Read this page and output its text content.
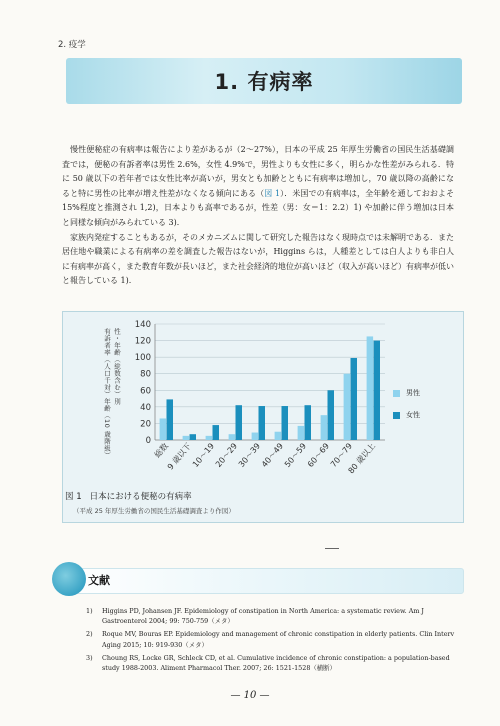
2. 疫学
1. 有病率

慢性便秘症の有病率は報告により差があるが（2～27%），日本の平成 25 年厚生労働省の国民生活基礎調査では，便秘の有訴者率は男性 2.6%，女性 4.9%で，男性よりも女性に多く，明らかな性差がみられる．特に 50 歳以下の若年者では女性比率が高いが，男女とも加齢とともに有病率は増加し，70 歳以降の高齢になると特に男性の比率が増え性差がなくなる傾向にある（図 1）．米国での有病率は，全年齢を通しておおよそ 15%程度と推測され 1,2)，日本よりも高率であるが，性差（男：女＝1：2.2）1) や加齢に伴う増加は日本と同様な傾向がみられている 3)．

家族内発症することもあるが，そのメカニズムに関して研究した報告はなく現時点では未解明である．また居住地や職業による有病率の差を調査した報告はないが，Higgins らは，人種差としては白人よりも非白人に有病率が高く，また教育年数が長いほど，また社会経済的地位が高いほど（収入が高いほど）有病率が低いと報告している 1).

有訴者率（人口千対）年齢（10 歳階級）
性・年齢（総数含む）別
0
20
40
60
80
100
120
140
総数
9 歳以下
10～19
20～29
30～39
40～49
50～59
60～69
70～79
80 歳以上
男性
女性
図 1 日本における便秘の有病率
（平成 25 年厚生労働省の国民生活基礎調査より作図）
文献
1)	Higgins PD, Johansen JF. Epidemiology of constipation in North America: a systematic review. Am J Gastroenterol 2004; 99: 750-759（メタ）
2)	Roque MV, Bouras EP. Epidemiology and management of chronic constipation in elderly patients. Clin Interv Aging 2015; 10: 919-930（メタ）
3)	Choung RS, Locke GR, Schleck CD, et al. Cumulative incidence of chronic constipation: a population-based study 1988-2003. Aliment Pharmacol Ther. 2007; 26: 1521-1528（横断）
— 10 —
